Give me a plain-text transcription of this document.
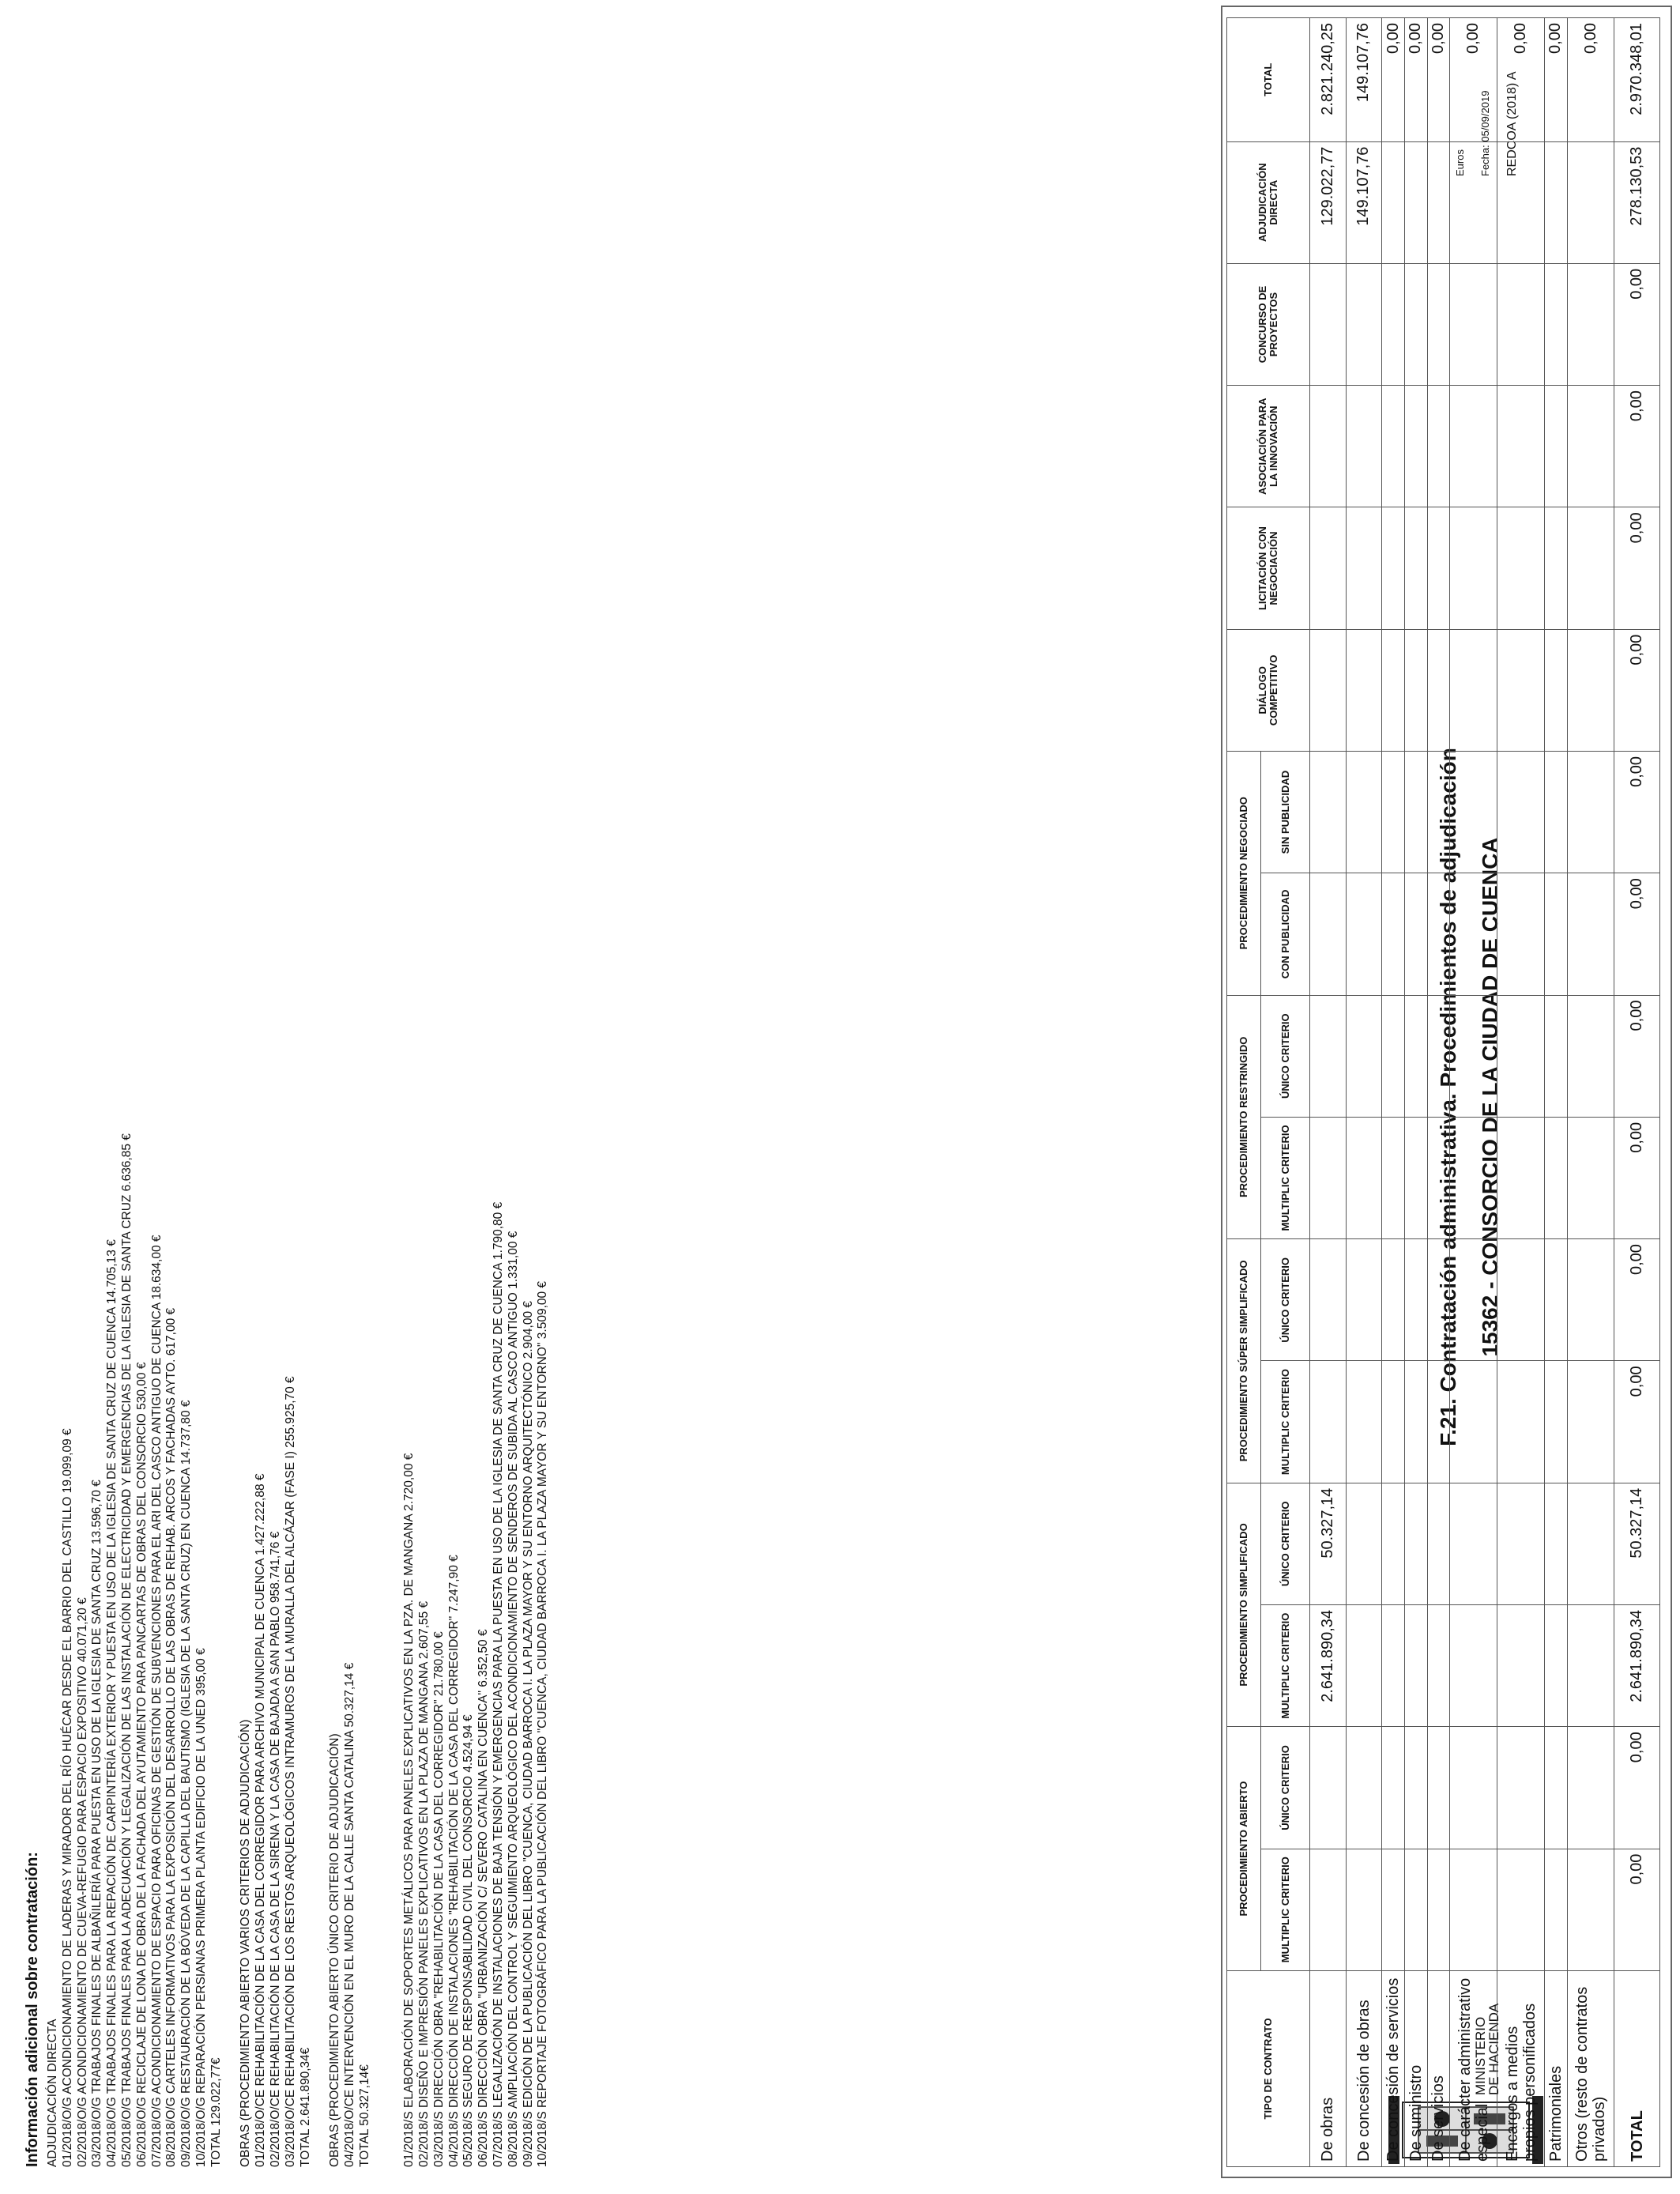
MINISTERIO
DE HACIENDA
15362 - CONSORCIO DE LA CIUDAD DE CUENCA
F.21. Contratación administrativa. Procedimientos de adjudicación
REDCOA (2018) A
Fecha: 05/09/2019
Euros
TIPO DE CONTRATO	PROCEDIMIENTO ABIERTO		PROCEDIMIENTO SIMPLIFICADO		PROCEDIMIENTO SÚPER SIMPLIFICADO		PROCEDIMIENTO RESTRINGIDO		PROCEDIMIENTO NEGOCIADO		DIÁLOGO COMPETITIVO	LICITACIÓN CON NEGOCIACIÓN	ASOCIACIÓN PARA LA INNOVACIÓN	CONCURSO DE PROYECTOS	ADJUDICACIÓN DIRECTA	TOTAL
	MULTIPLIC CRITERIO	ÚNICO CRITERIO	MULTIPLIC CRITERIO	ÚNICO CRITERIO	MULTIPLIC CRITERIO	ÚNICO CRITERIO	MULTIPLIC CRITERIO	ÚNICO CRITERIO	CON PUBLICIDAD	SIN PUBLICIDAD						
De obras			2.641.890,34	50.327,14											129.022,77	2.821.240,25
De concesión de obras															149.107,76	149.107,76
De concesión de servicios																0,00
De suministro																0,00
De servicios																0,00
De carácter administrativo especial																0,00
Encargos a medios propios personificados																0,00
Patrimoniales																0,00
Otros (resto de contratos privados)																0,00
TOTAL	0,00	0,00	2.641.890,34	50.327,14	0,00	0,00	0,00	0,00	0,00	0,00	0,00	0,00	0,00	0,00	278.130,53	2.970.348,01

Información adicional sobre contratación: ADJUDICACIÓN DIRECTA 01/2018/O/G ACONDICIONAMIENTO DE LADERAS Y MIRADOR DEL RÍO HUÉCAR DESDE EL BARRIO DEL CASTILLO 19.099,09 € 02/2018/O/G ACONDICIONAMIENTO DE CUEVA-REFUGIO PARA ESPACIO EXPOSITIVO 40.071,20 € 03/2018/O/G TRABAJOS FINALES DE ALBAÑILERÍA PARA PUESTA EN USO DE LA IGLESIA DE SANTA CRUZ 13.596,70 € 04/2018/O/G TRABAJOS FINALES PARA LA REPACIÓN DE CARPINTERÍA EXTERIOR Y PUESTA EN USO DE LA IGLESIA DE SANTA CRUZ DE CUENCA 14.705,13 € 05/2018/O/G TRABAJOS FINALES PARA LA ADECUACIÓN Y LEGALIZACIÓN DE LAS INSTALACIÓN DE ELECTRICIDAD Y EMERGENCIAS DE LA IGLESIA DE SANTA CRUZ 6.636,85 € 06/2018/O/G RECICLAJE DE LONA DE OBRA DE LA FACHADA DEL AYUTAMIENTO PARA PANCARTAS DE OBRAS DEL CONSORCIO 530,00 € 07/2018/O/G ACONDICIONAMIENTO DE ESPACIO PARA OFICINAS DE GESTIÓN DE SUBVENCIONES PARA EL ARI DEL CASCO ANTIGUO DE CUENCA 18.634,00 € 08/2018/O/G CARTELES INFORMATIVOS PARA LA EXPOSICIÓN DEL DESARROLLO DE LAS OBRAS DE REHAB. ARCOS Y FACHADAS AYTO. 617,00 € 09/2018/O/G RESTAURACIÓN DE LA BÓVEDA DE LA CAPILLA DEL BAUTISMO (IGLESIA DE LA SANTA CRUZ) EN CUENCA 14.737,80 € 10/2018/O/G REPARACIÓN PERSIANAS PRIMERA PLANTA EDIFICIO DE LA UNED 395,00 € TOTAL 129.022,77€ OBRAS (PROCEDIMIENTO ABIERTO VARIOS CRITERIOS DE ADJUDICACIÓN) 01/2018/O/CE REHABILITACIÓN DE LA CASA DEL CORREGIDOR PARA ARCHIVO MUNICIPAL DE CUENCA 1.427.222,88 € 02/2018/O/CE REHABILITACIÓN DE LA CASA DE LA SIRENA Y LA CASA DE BAJADA A SAN PABLO 958.741,76 € 03/2018/O/CE REHABILITACIÓN DE LOS RESTOS ARQUEOLÓGICOS INTRAMUROS DE LA MURALLA DEL ALCÁZAR (FASE I) 255.925,70 € TOTAL 2.641.890,34€ OBRAS (PROCEDIMIENTO ABIERTO ÚNICO CRITERIO DE ADJUDICACIÓN) 04/2018/O/CE INTERVENCIÓN EN EL MURO DE LA CALLE SANTA CATALINA 50.327,14 € TOTAL 50.327,14€	01/2018/S ELABORACIÓN DE SOPORTES METÁLICOS PARA PANELES EXPLICATIVOS EN LA PZA. DE MANGANA 2.720,00 € 02/2018/S DISEÑO E IMPRESIÓN PANELES EXPLICATIVOS EN LA PLAZA DE MANGANA 2.607,55 € 03/2018/S DIRECCIÓN OBRA "REHABILITACIÓN DE LA CASA DEL CORREGIDOR" 21.780,00 € 04/2018/S DIRECCIÓN DE INSTALACIONES "REHABILITACIÓN DE LA CASA DEL CORREGIDOR" 7.247,90 € 05/2018/S SEGURO DE RESPONSABILIDAD CIVIL DEL CONSORCIO 4.524,94 € 06/2018/S DIRECCIÓN OBRA "URBANIZACIÓN C/ SEVERO CATALINA EN CUENCA" 6.352,50 € 07/2018/S LEGALIZACIÓN DE INSTALACIONES DE BAJA TENSIÓN Y EMERGENCIAS PARA LA PUESTA EN USO DE LA IGLESIA DE SANTA CRUZ DE CUENCA 1.790,80 € 08/2018/S AMPLIACIÓN DEL CONTROL Y SEGUIMIENTO ARQUEOLÓGICO DEL ACONDICIONAMIENTO DE SENDEROS DE SUBIDA AL CASCO ANTIGUO 1.331,00 € 09/2018/S EDICIÓN DE LA PUBLICACIÓN DEL LIBRO "CUENCA, CIUDAD BARROCA I. LA PLAZA MAYOR Y SU ENTORNO ARQUITECTÓNICO 2.904,00 € 10/2018/S REPORTAJE FOTOGRÁFICO PARA LA PUBLICACIÓN DEL LIBRO "CUENCA, CIUDAD BARROCA I. LA PLAZA MAYOR Y SU ENTORNO" 3.509,00 €
